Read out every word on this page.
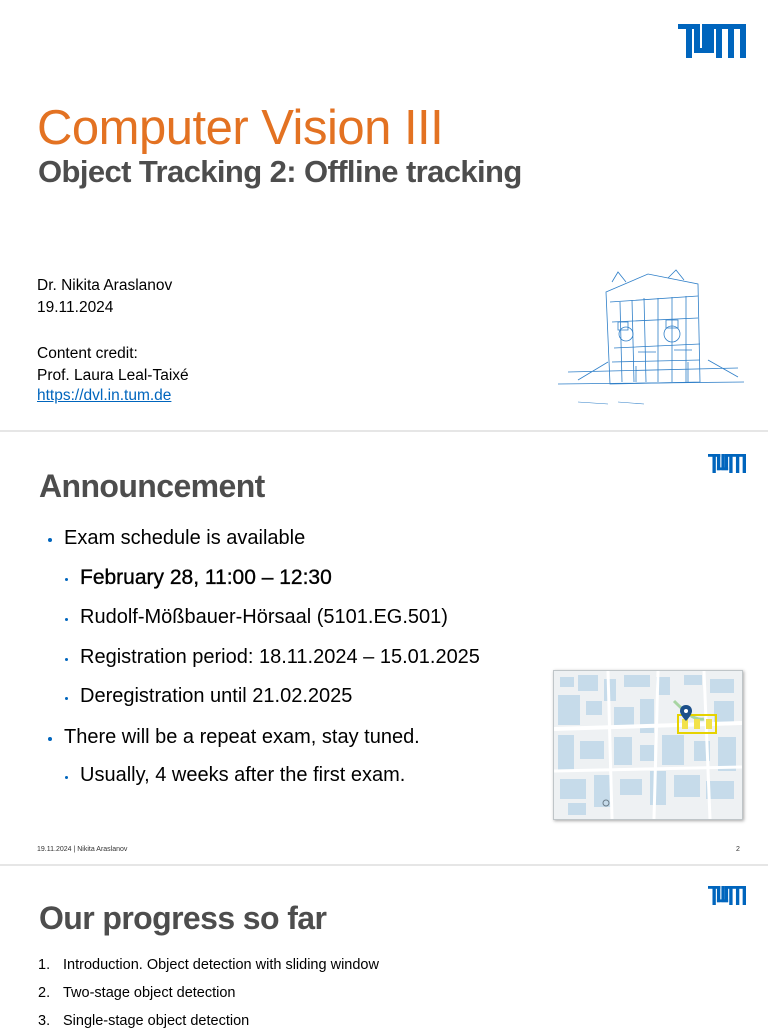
Computer Vision III
Object Tracking 2: Offline tracking
Dr. Nikita Araslanov
19.11.2024
Content credit:
Prof. Laura Leal-Taixé
https://dvl.in.tum.de
Announcement
Exam schedule is available
February 28, 11:00 – 12:30
Rudolf-Mößbauer-Hörsaal (5101.EG.501)
Registration period: 18.11.2024 – 15.01.2025
Deregistration until 21.02.2025
There will be a repeat exam, stay tuned.
Usually, 4 weeks after the first exam.
19.11.2024 | Nikita Araslanov	2
Our progress so far
1. Introduction. Object detection with sliding window
2. Two-stage object detection
3. Single-stage object detection
